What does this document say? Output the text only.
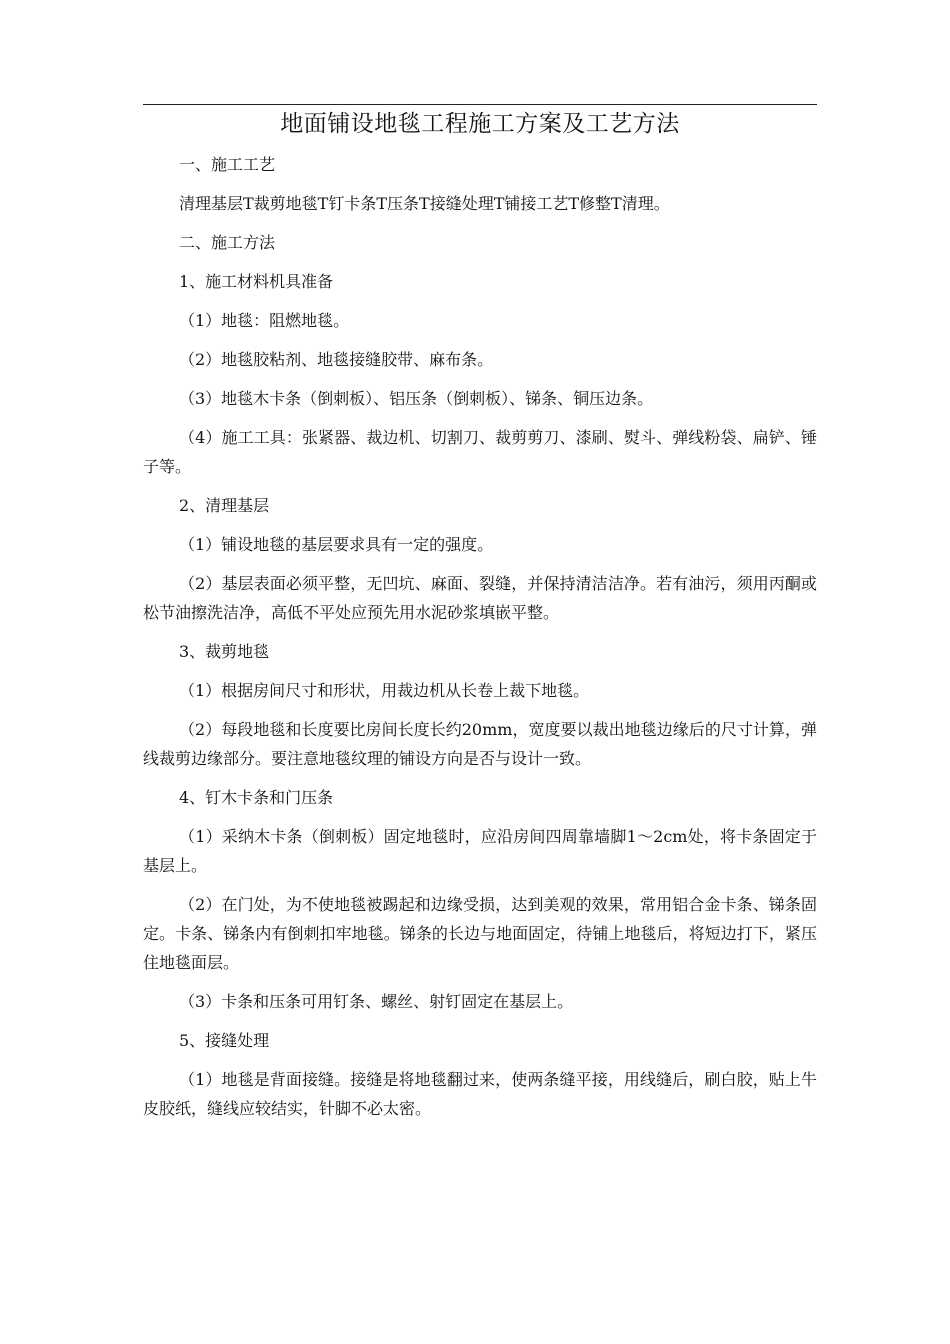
地面铺设地毯工程施工方案及工艺方法

一、施工工艺

清理基层T裁剪地毯T钉卡条T压条T接缝处理T铺接工艺T修整T清理。

二、施工方法

1、施工材料机具准备

（1）地毯：阻燃地毯。

（2）地毯胶粘剂、地毯接缝胶带、麻布条。

（3）地毯木卡条（倒刺板）、铝压条（倒刺板）、锑条、铜压边条。

（4）施工工具：张紧器、裁边机、切割刀、裁剪剪刀、漆刷、熨斗、弹线粉袋、扁铲、锤子等。

2、清理基层

（1）铺设地毯的基层要求具有一定的强度。

（2）基层表面必须平整，无凹坑、麻面、裂缝，并保持清洁洁净。若有油污，须用丙酮或松节油擦洗洁净，高低不平处应预先用水泥砂浆填嵌平整。

3、裁剪地毯

（1）根据房间尺寸和形状，用裁边机从长卷上裁下地毯。

（2）每段地毯和长度要比房间长度长约20mm，宽度要以裁出地毯边缘后的尺寸计算，弹线裁剪边缘部分。要注意地毯纹理的铺设方向是否与设计一致。

4、钉木卡条和门压条

（1）采纳木卡条（倒刺板）固定地毯时，应沿房间四周靠墙脚1〜2cm处，将卡条固定于基层上。

（2）在门处，为不使地毯被踢起和边缘受损，达到美观的效果，常用铝合金卡条、锑条固定。卡条、锑条内有倒刺扣牢地毯。锑条的长边与地面固定，待铺上地毯后，将短边打下，紧压住地毯面层。

（3）卡条和压条可用钉条、螺丝、射钉固定在基层上。

5、接缝处理

（1）地毯是背面接缝。接缝是将地毯翻过来，使两条缝平接，用线缝后，刷白胶，贴上牛皮胶纸，缝线应较结实，针脚不必太密。
